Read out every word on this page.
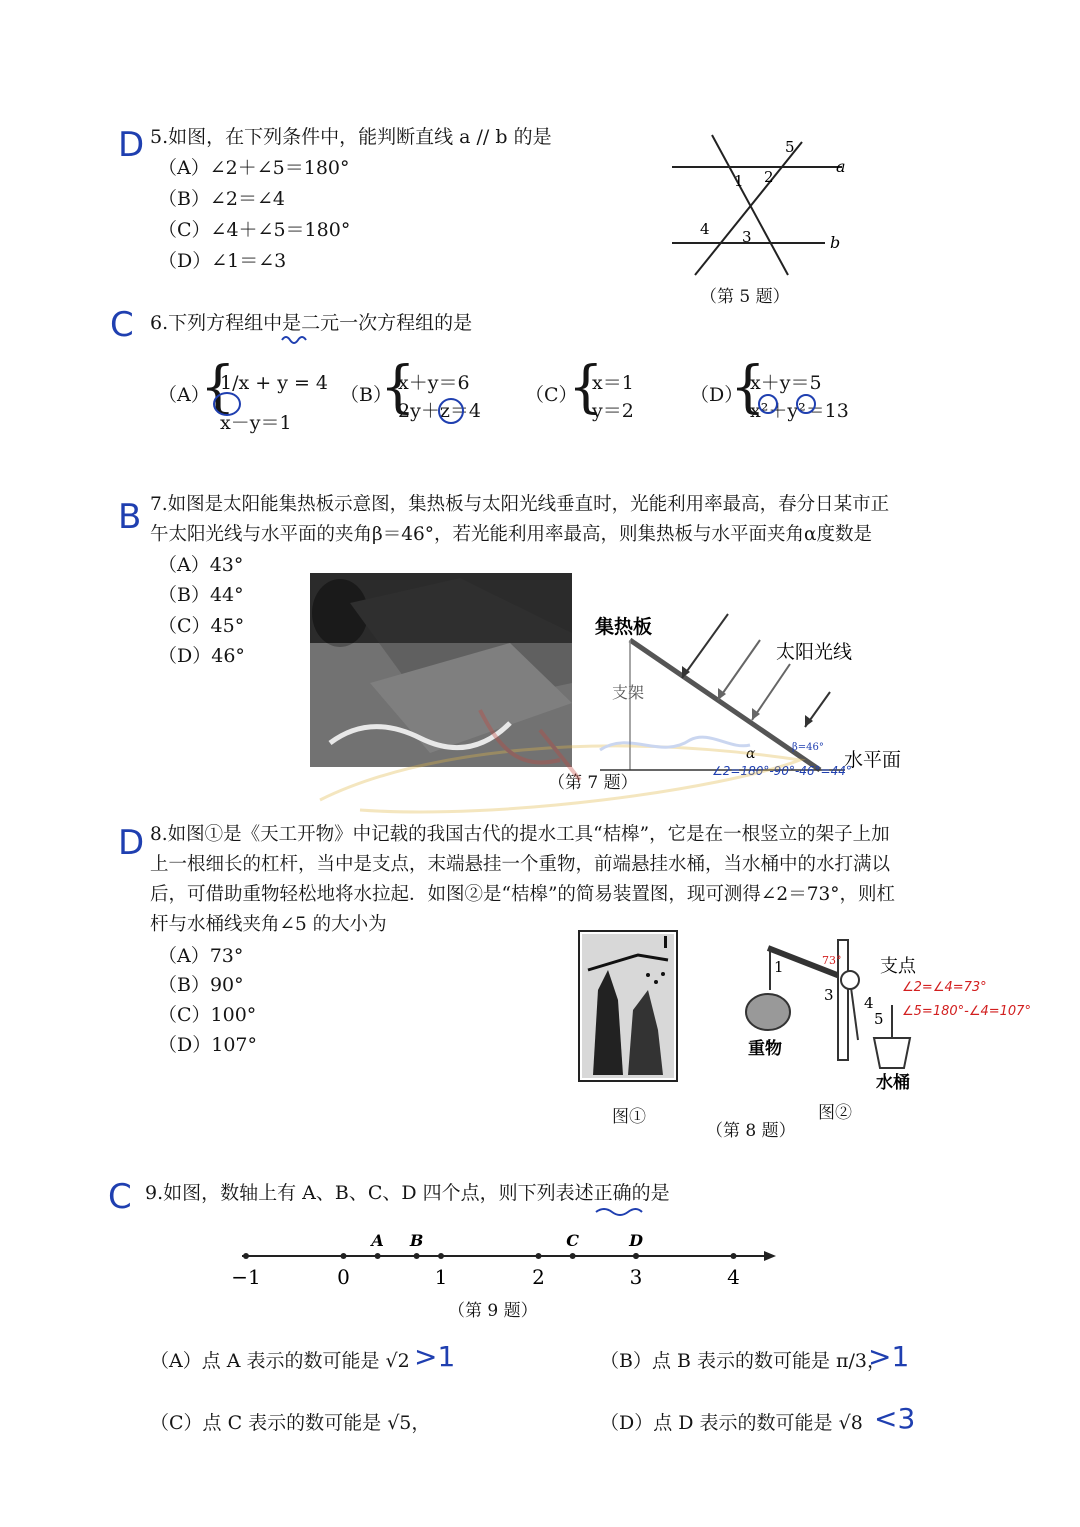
D 5.如图，在下列条件中，能判断直线 a // b 的是
（A）∠2＋∠5＝180°
（B）∠2＝∠4
（C）∠4＋∠5＝180°
（D）∠1＝∠3
a
b
1 2
3
4
5
（第 5 题）
C 6.下列方程组中是二元一次方程组的是
（A）
{
1/x + y = 4
x－y＝1
（B）
{
x＋y＝6
2y＋z＝4
（C）
{
x＝1
y＝2
（D）
{
x＋y＝5
x²＋y²＝13
B 7.如图是太阳能集热板示意图，集热板与太阳光线垂直时，光能利用率最高，春分日某市正
午太阳光线与水平面的夹角β＝46°，若光能利用率最高，则集热板与水平面夹角α度数是
（A）43°
（B）44°
（C）45°
（D）46°
集热板
太阳光线
支架
水平面
α	β=46°
∠2=180°-90°-46°=44°
（第 7 题）
D 8.如图①是《天工开物》中记载的我国古代的提水工具“桔槔”，它是在一根竖立的架子上加
上一根细长的杠杆，当中是支点，末端悬挂一个重物，前端悬挂水桶，当水桶中的水打满以
后，可借助重物轻松地将水拉起．如图②是“桔槔”的简易装置图，现可测得∠2＝73°，则杠
杆与水桶线夹角∠5 的大小为
（A）73°
（B）90°
（C）100°
（D）107°
图①
1
3 4
5
73° 支点
重物
水桶
图②
（第 8 题）
∠2=∠4=73°
∠5=180°-∠4=107°
C 9.如图，数轴上有 A、B、C、D 四个点，则下列表述正确的是
−1	0	1	2	3	4
A B	C	D
（第 9 题）
（A）点 A 表示的数可能是 √2 >1	（B）点 B 表示的数可能是 π/3，
>1
（C）点 C 表示的数可能是 √5，	（D）点 D 表示的数可能是 √8 <3
